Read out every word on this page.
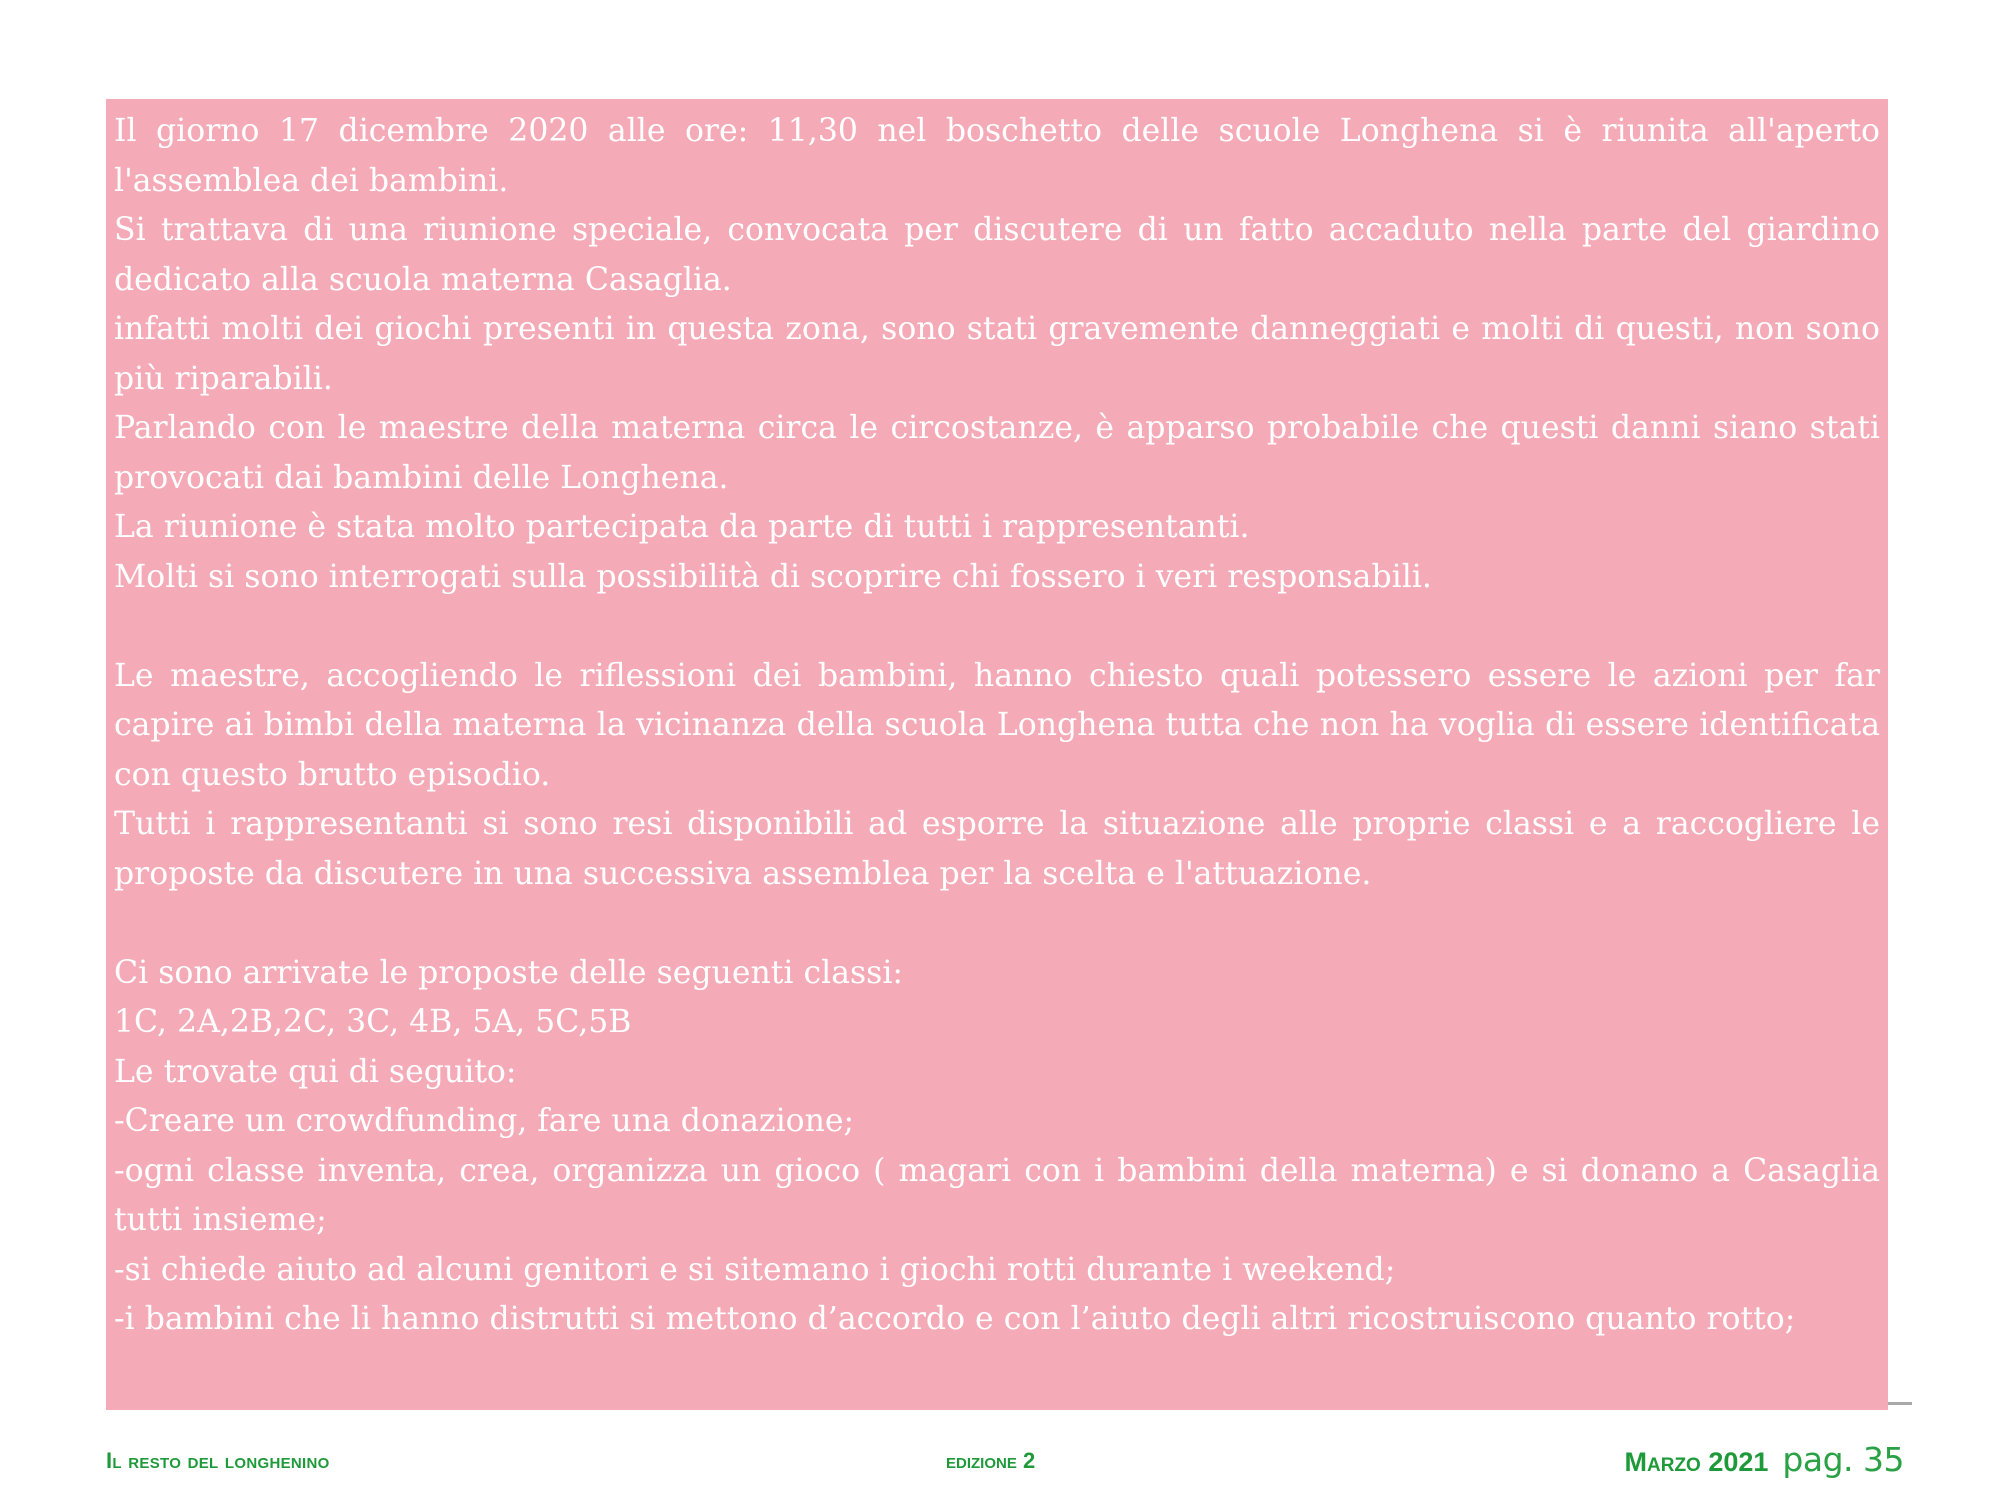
Il giorno 17 dicembre 2020 alle ore: 11,30 nel boschetto delle scuole Longhena si è riunita all'aperto l'assemblea dei bambini.

Si trattava di una riunione speciale, convocata per discutere di un fatto accaduto nella parte del giardino dedicato alla scuola materna Casaglia.

infatti molti dei giochi presenti in questa zona, sono stati gravemente danneggiati e molti di questi, non sono più riparabili.

Parlando con le maestre della materna circa le circostanze, è apparso probabile che questi danni siano stati provocati dai bambini delle Longhena.

La riunione è stata molto partecipata da parte di tutti i rappresentanti.

Molti si sono interrogati sulla possibilità di scoprire chi fossero i veri responsabili.

Le maestre, accogliendo le riflessioni dei bambini, hanno chiesto quali potessero essere le azioni per far capire ai bimbi della materna la vicinanza della scuola Longhena tutta che non ha voglia di essere identificata con questo brutto episodio.

Tutti i rappresentanti si sono resi disponibili ad esporre la situazione alle proprie classi e a raccogliere le proposte da discutere in una successiva assemblea per la scelta e l'attuazione.

Ci sono arrivate le proposte delle seguenti classi:

1C, 2A,2B,2C, 3C, 4B, 5A, 5C,5B

Le trovate qui di seguito:

-Creare un crowdfunding, fare una donazione;

-ogni classe inventa, crea, organizza un gioco ( magari con i bambini della materna) e si donano a Casaglia tutti insieme;

-si chiede aiuto ad alcuni genitori e si sitemano i giochi rotti durante i weekend;

-i bambini che li hanno distrutti si mettono d’accordo e con l’aiuto degli altri ricostruiscono quanto rotto;

Il resto del longhenino	edizione 2	Marzo 2021 pag. 35
